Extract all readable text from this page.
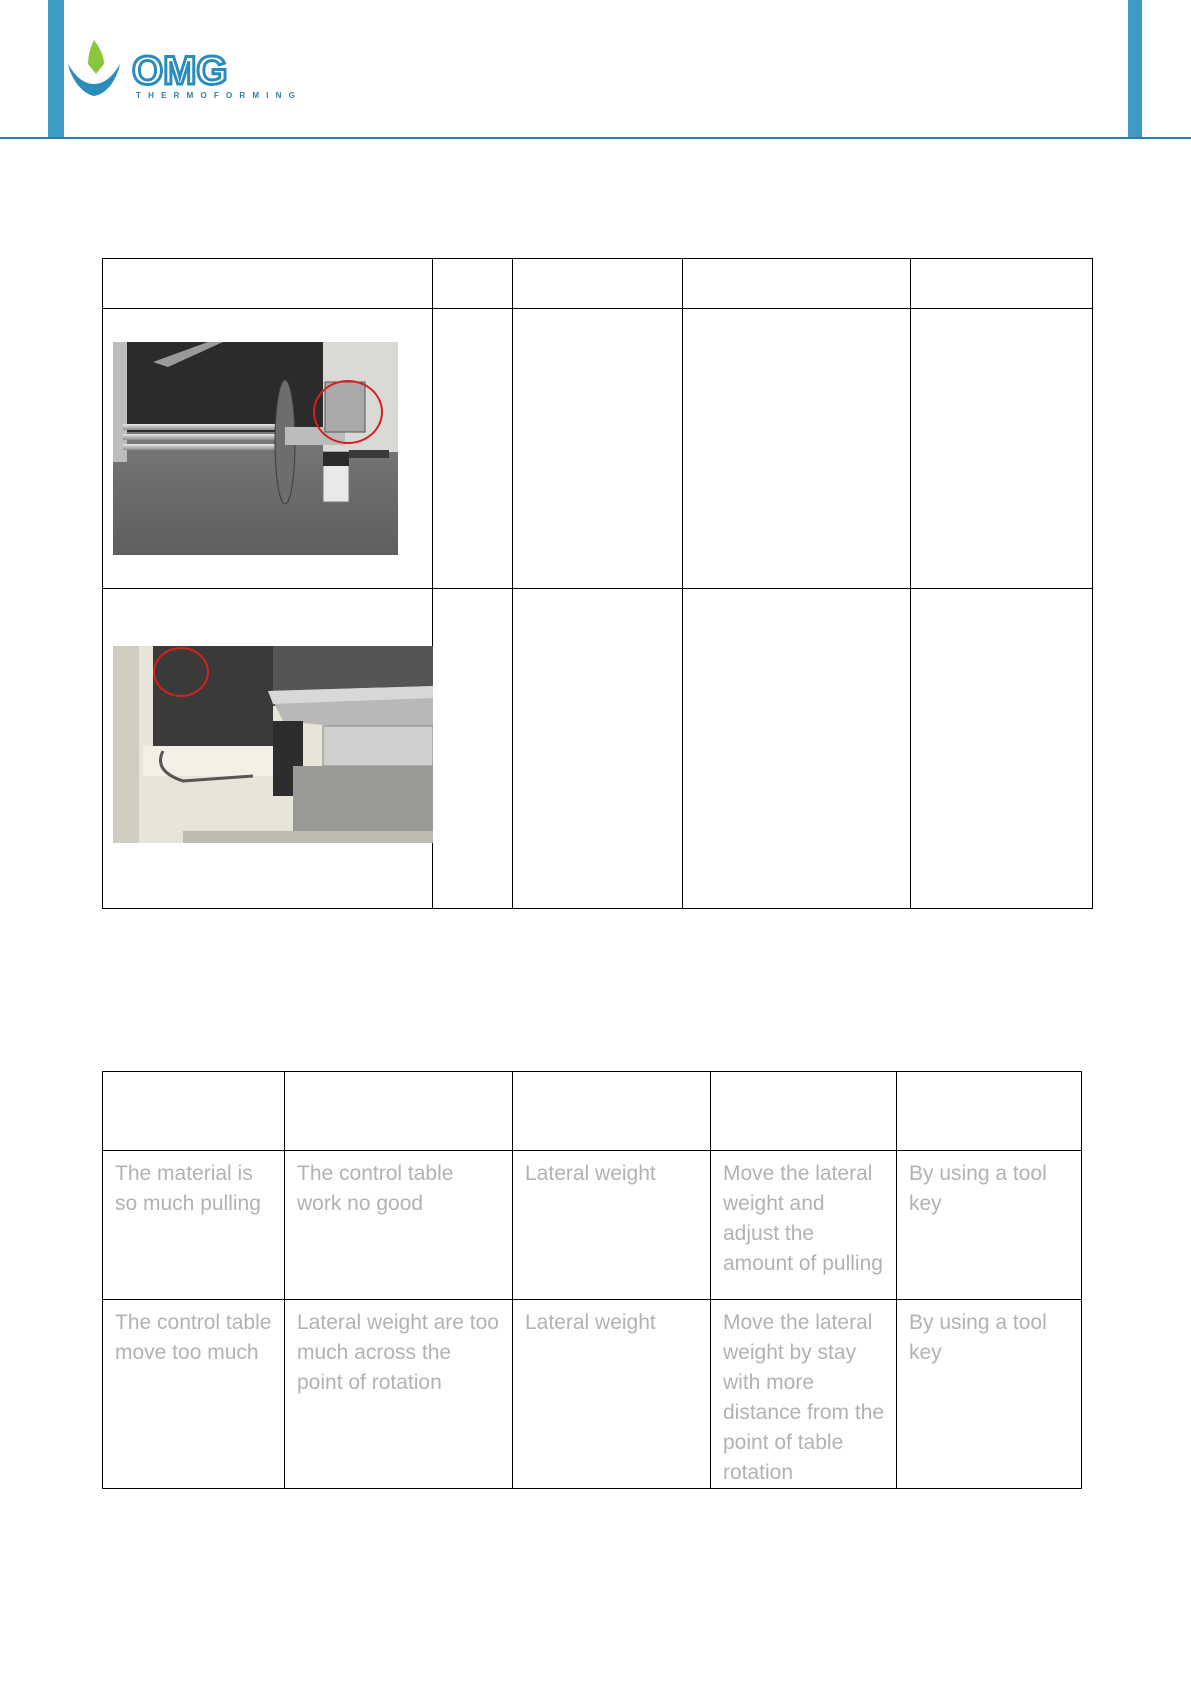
OMG
THERMOFORMING

The material is so much pulling	The control table work no good	Lateral weight	Move the lateral weight and adjust the amount of pulling	By using a tool key
The control table move too much	Lateral weight are too much across the point of rotation	Lateral weight	Move the lateral weight by stay with more distance from the point of table rotation	By using a tool key
